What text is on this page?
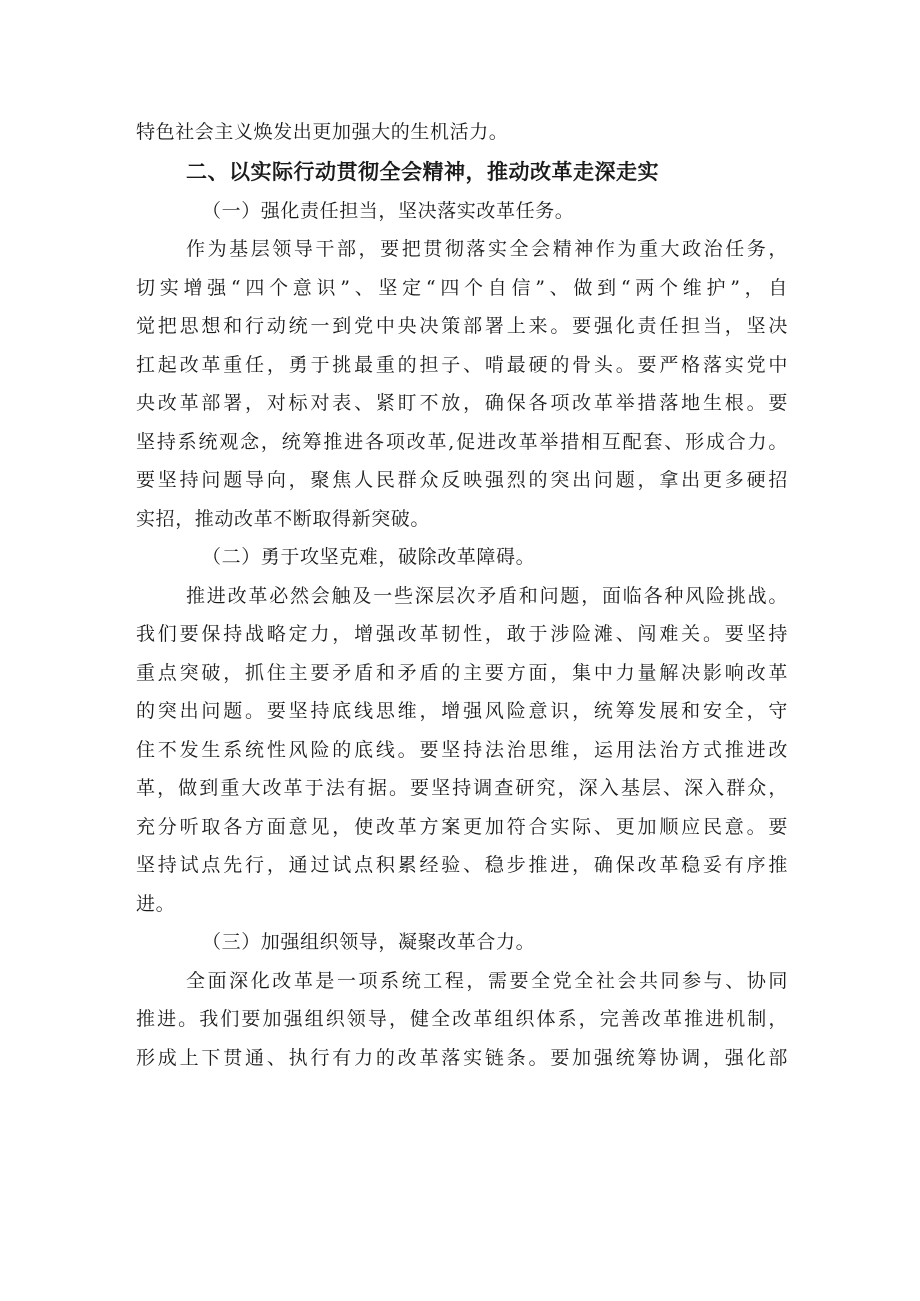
特色社会主义焕发出更加强大的生机活力。
二、以实际行动贯彻全会精神，推动改革走深走实
（一）强化责任担当，坚决落实改革任务。
作为基层领导干部，要把贯彻落实全会精神作为重大政治任务，
切实增强“四个意识”、坚定“四个自信”、做到“两个维护”，自
觉把思想和行动统一到党中央决策部署上来。要强化责任担当，坚决
扛起改革重任，勇于挑最重的担子、啃最硬的骨头。要严格落实党中
央改革部署，对标对表、紧盯不放，确保各项改革举措落地生根。要
坚持系统观念，统筹推进各项改革,促进改革举措相互配套、形成合力。
要坚持问题导向，聚焦人民群众反映强烈的突出问题，拿出更多硬招
实招，推动改革不断取得新突破。
（二）勇于攻坚克难，破除改革障碍。
推进改革必然会触及一些深层次矛盾和问题，面临各种风险挑战。
我们要保持战略定力，增强改革韧性，敢于涉险滩、闯难关。要坚持
重点突破，抓住主要矛盾和矛盾的主要方面，集中力量解决影响改革
的突出问题。要坚持底线思维，增强风险意识，统筹发展和安全，守
住不发生系统性风险的底线。要坚持法治思维，运用法治方式推进改
革，做到重大改革于法有据。要坚持调查研究，深入基层、深入群众，
充分听取各方面意见，使改革方案更加符合实际、更加顺应民意。要
坚持试点先行，通过试点积累经验、稳步推进，确保改革稳妥有序推
进。
（三）加强组织领导，凝聚改革合力。
全面深化改革是一项系统工程，需要全党全社会共同参与、协同
推进。我们要加强组织领导，健全改革组织体系，完善改革推进机制，
形成上下贯通、执行有力的改革落实链条。要加强统筹协调，强化部
